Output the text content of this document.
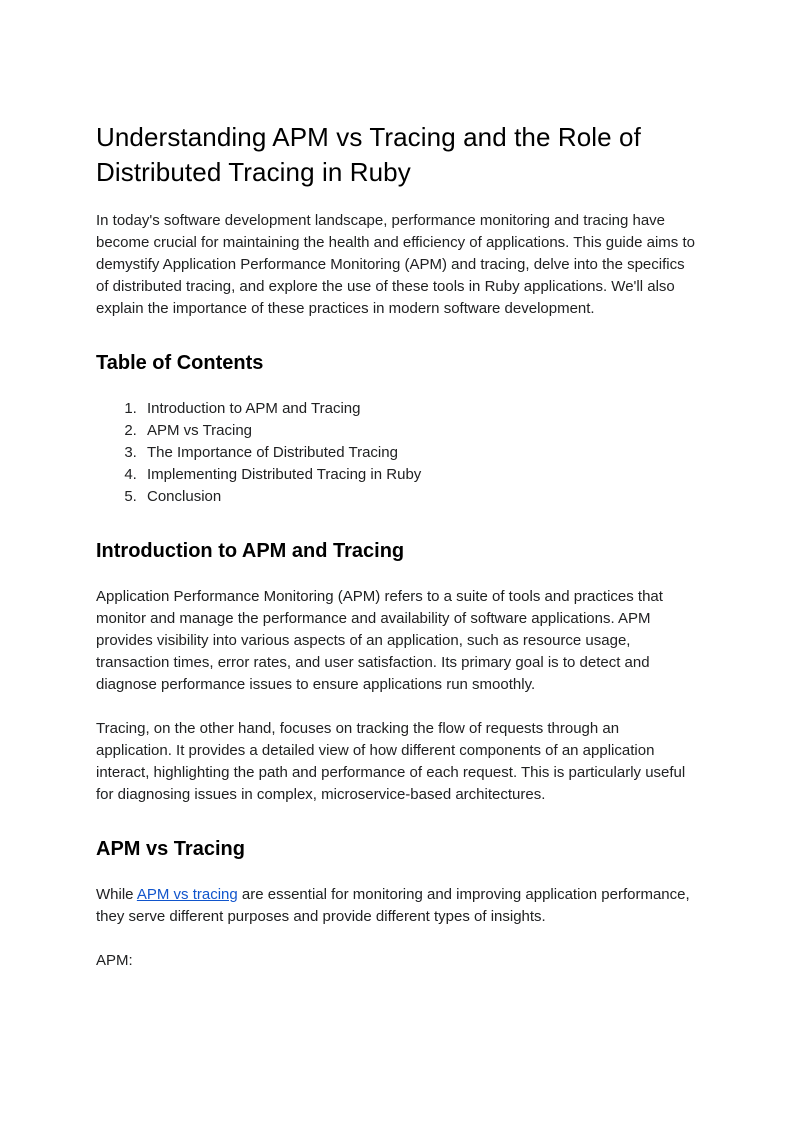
Understanding APM vs Tracing and the Role of Distributed Tracing in Ruby

In today's software development landscape, performance monitoring and tracing have become crucial for maintaining the health and efficiency of applications. This guide aims to demystify Application Performance Monitoring (APM) and tracing, delve into the specifics of distributed tracing, and explore the use of these tools in Ruby applications. We'll also explain the importance of these practices in modern software development.

Table of Contents
1. Introduction to APM and Tracing
2. APM vs Tracing
3. The Importance of Distributed Tracing
4. Implementing Distributed Tracing in Ruby
5. Conclusion
Introduction to APM and Tracing

Application Performance Monitoring (APM) refers to a suite of tools and practices that monitor and manage the performance and availability of software applications. APM provides visibility into various aspects of an application, such as resource usage, transaction times, error rates, and user satisfaction. Its primary goal is to detect and diagnose performance issues to ensure applications run smoothly.

Tracing, on the other hand, focuses on tracking the flow of requests through an application. It provides a detailed view of how different components of an application interact, highlighting the path and performance of each request. This is particularly useful for diagnosing issues in complex, microservice-based architectures.

APM vs Tracing

While APM vs tracing are essential for monitoring and improving application performance, they serve different purposes and provide different types of insights.

APM:
